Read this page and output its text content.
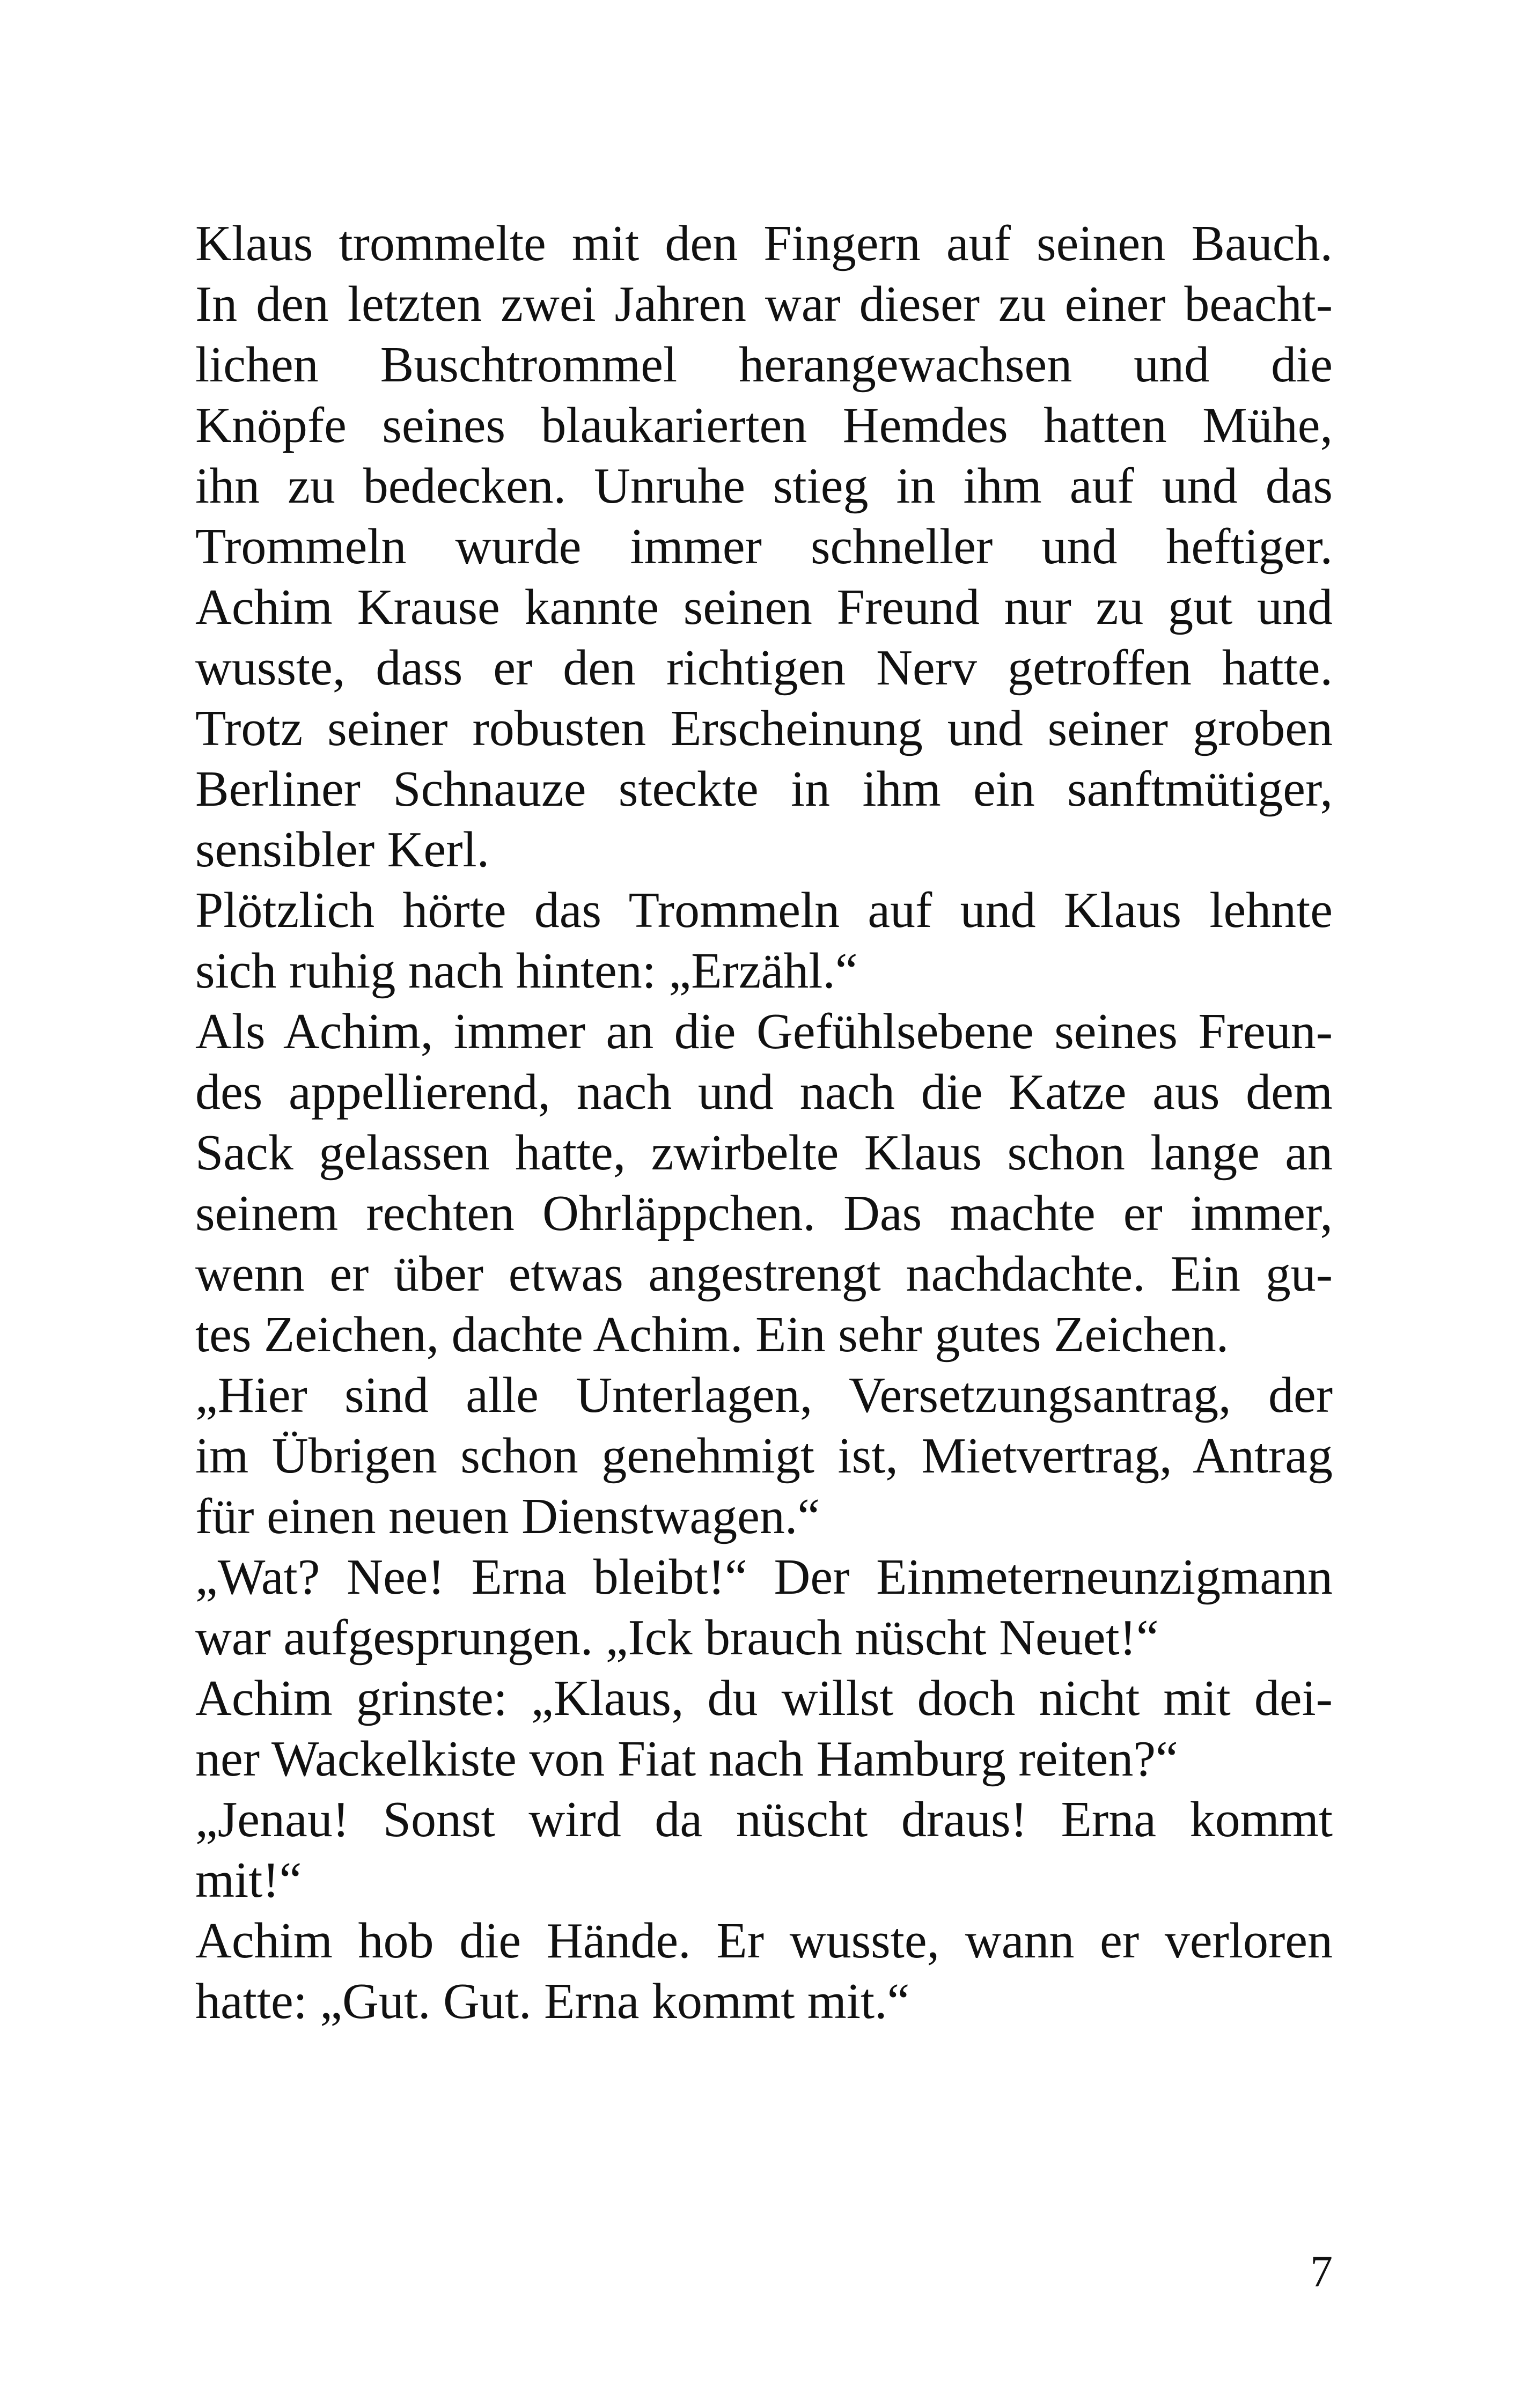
Klaus trommelte mit den Fingern auf seinen Bauch.
In den letzten zwei Jahren war dieser zu einer beacht-
lichen Buschtrommel herangewachsen und die
Knöpfe seines blaukarierten Hemdes hatten Mühe,
ihn zu bedecken. Unruhe stieg in ihm auf und das
Trommeln wurde immer schneller und heftiger.
Achim Krause kannte seinen Freund nur zu gut und
wusste, dass er den richtigen Nerv getroffen hatte.
Trotz seiner robusten Erscheinung und seiner groben
Berliner Schnauze steckte in ihm ein sanftmütiger,
sensibler Kerl.
Plötzlich hörte das Trommeln auf und Klaus lehnte
sich ruhig nach hinten: „Erzähl.“
Als Achim, immer an die Gefühlsebene seines Freun-
des appellierend, nach und nach die Katze aus dem
Sack gelassen hatte, zwirbelte Klaus schon lange an
seinem rechten Ohrläppchen. Das machte er immer,
wenn er über etwas angestrengt nachdachte. Ein gu-
tes Zeichen, dachte Achim. Ein sehr gutes Zeichen.
„Hier sind alle Unterlagen, Versetzungsantrag, der
im Übrigen schon genehmigt ist, Mietvertrag, Antrag
für einen neuen Dienstwagen.“
„Wat? Nee! Erna bleibt!“ Der Einmeterneunzigmann
war aufgesprungen. „Ick brauch nüscht Neuet!“
Achim grinste: „Klaus, du willst doch nicht mit dei-
ner Wackelkiste von Fiat nach Hamburg reiten?“
„Jenau! Sonst wird da nüscht draus! Erna kommt
mit!“
Achim hob die Hände. Er wusste, wann er verloren
hatte: „Gut. Gut. Erna kommt mit.“
7
